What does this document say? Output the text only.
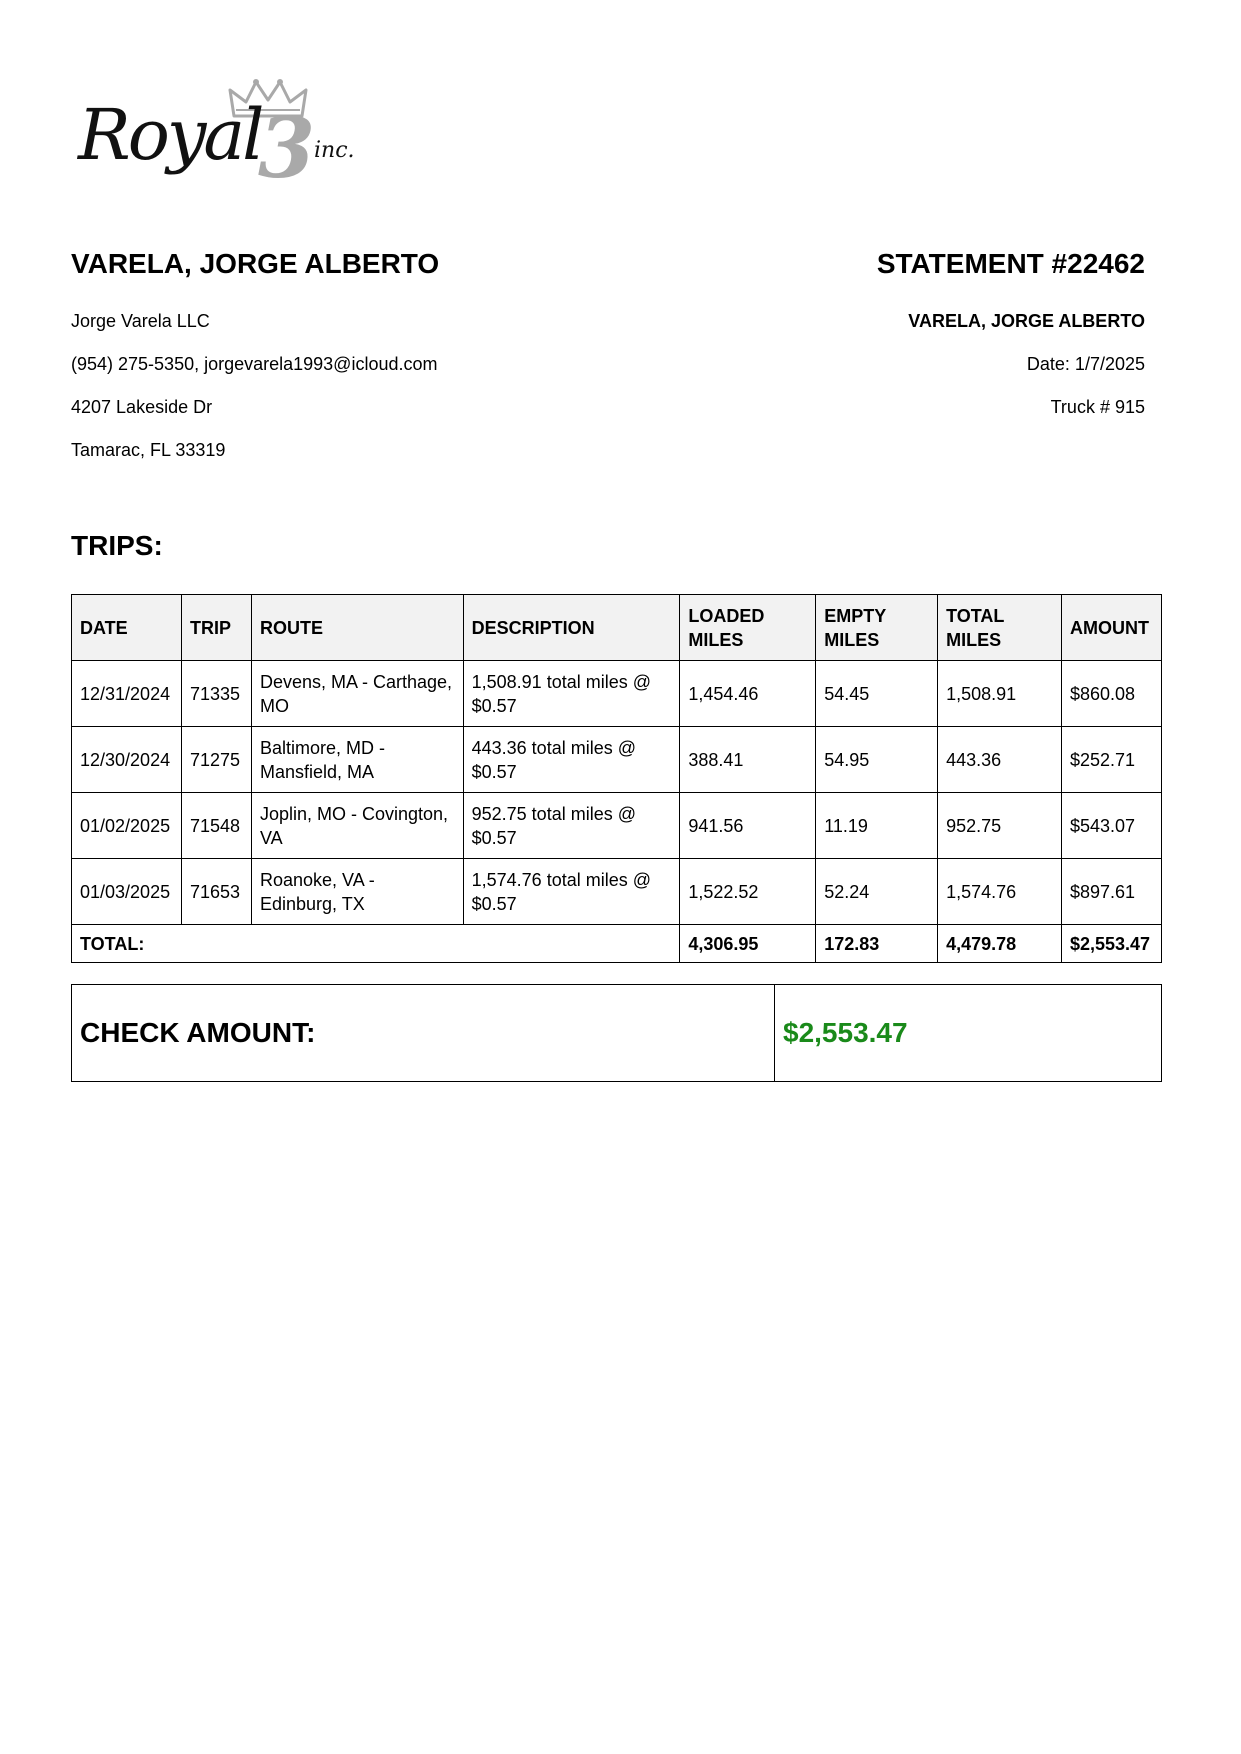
Royal
3
inc.
VARELA, JORGE ALBERTO	STATEMENT #22462
Jorge Varela LLC
(954) 275-5350, jorgevarela1993@icloud.com
4207 Lakeside Dr
Tamarac, FL 33319
VARELA, JORGE ALBERTO
Date: 1/7/2025
Truck # 915
TRIPS:
DATE	TRIP	ROUTE	DESCRIPTION	LOADED MILES	EMPTY MILES	TOTAL MILES	AMOUNT
12/31/2024	71335	Devens, MA - Carthage, MO	1,508.91 total miles @ $0.57	1,454.46	54.45	1,508.91	$860.08
12/30/2024	71275	Baltimore, MD - Mansfield, MA	443.36 total miles @ $0.57	388.41	54.95	443.36	$252.71
01/02/2025	71548	Joplin, MO - Covington, VA	952.75 total miles @ $0.57	941.56	11.19	952.75	$543.07
01/03/2025	71653	Roanoke, VA - Edinburg, TX	1,574.76 total miles @ $0.57	1,522.52	52.24	1,574.76	$897.61
TOTAL:				4,306.95	172.83	4,479.78	$2,553.47
CHECK AMOUNT:	$2,553.47
